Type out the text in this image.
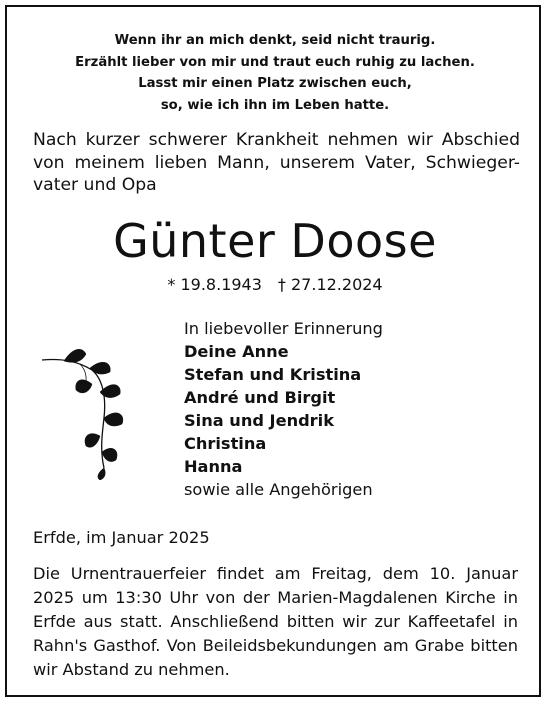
Wenn ihr an mich denkt, seid nicht traurig.
Erzählt lieber von mir und traut euch ruhig zu lachen.
Lasst mir einen Platz zwischen euch,
so, wie ich ihn im Leben hatte.
Nach kurzer schwerer Krankheit nehmen wir Abschied von meinem lieben Mann, unserem Vater, Schwieger-vater und Opa
Günter Doose
* 19.8.1943 † 27.12.2024
In liebevoller Erinnerung
Deine Anne
Stefan und Kristina
André und Birgit
Sina und Jendrik
Christina
Hanna
sowie alle Angehörigen
Erfde, im Januar 2025
Die Urnentrauerfeier findet am Freitag, dem 10. Januar 2025 um 13:30 Uhr von der Marien-Magdalenen Kirche in Erfde aus statt. Anschließend bitten wir zur Kaffeetafel in Rahn's Gasthof. Von Beileidsbekundungen am Grabe bitten wir Abstand zu nehmen.
